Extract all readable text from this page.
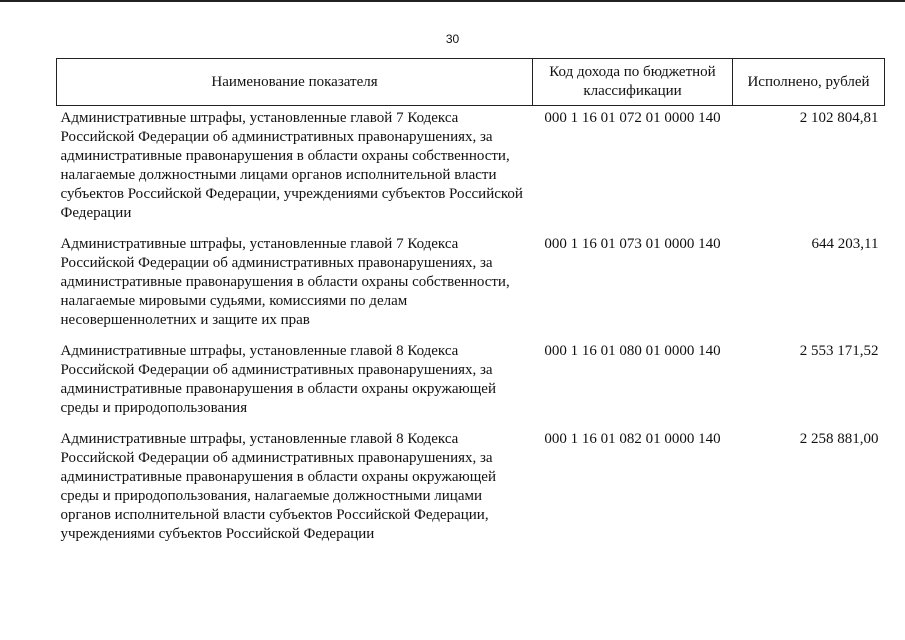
30
Наименование показателя	Код дохода по бюджетной классификации	Исполнено, рублей
Административные штрафы, установленные главой 7 Кодекса Российской Федерации об административных правонарушениях, за административные правонарушения в области охраны собственности, налагаемые должностными лицами органов исполнительной власти субъектов Российской Федерации, учреждениями субъектов Российской Федерации	000 1 16 01 072 01 0000 140	2 102 804,81
Административные штрафы, установленные главой 7 Кодекса Российской Федерации об административных правонарушениях, за административные правонарушения в области охраны собственности, налагаемые мировыми судьями, комиссиями по делам несовершеннолетних и защите их прав	000 1 16 01 073 01 0000 140	644 203,11
Административные штрафы, установленные главой 8 Кодекса Российской Федерации об административных правонарушениях, за административные правонарушения в области охраны окружающей среды и природопользования	000 1 16 01 080 01 0000 140	2 553 171,52
Административные штрафы, установленные главой 8 Кодекса Российской Федерации об административных правонарушениях, за административные правонарушения в области охраны окружающей среды и природопользования, налагаемые должностными лицами органов исполнительной власти субъектов Российской Федерации, учреждениями субъектов Российской Федерации	000 1 16 01 082 01 0000 140	2 258 881,00
